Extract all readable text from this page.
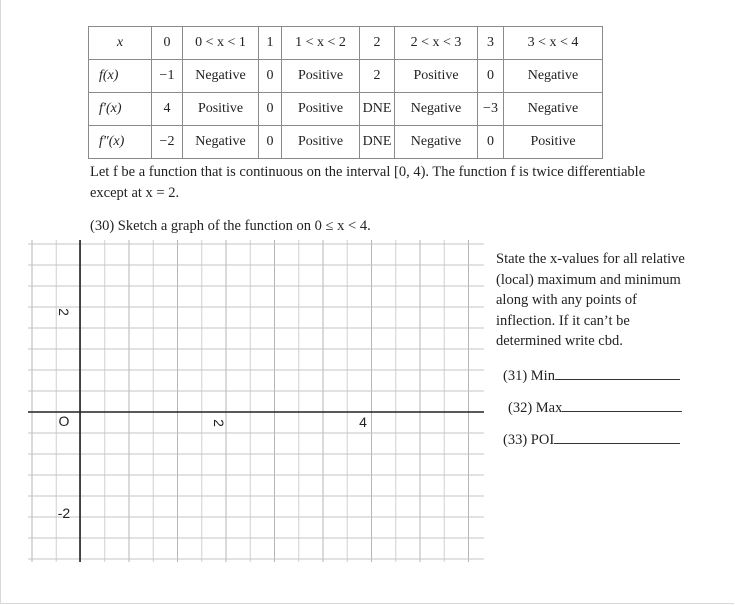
x	0	0 < x < 1	1	1 < x < 2	2	2 < x < 3	3	3 < x < 4
f(x)	−1	Negative	0	Positive	2	Positive	0	Negative
f′(x)	4	Positive	0	Positive	DNE	Negative	−3	Negative
f″(x)	−2	Negative	0	Positive	DNE	Negative	0	Positive
Let f be a function that is continuous on the interval [0, 4). The function f is twice differentiable except at x = 2.
(30) Sketch a graph of the function on 0 ≤ x < 4.
2	4
2
O
-2
State the x-values for all relative (local) maximum and minimum along with any points of inflection. If it can’t be determined write cbd.
(31) Min
(32) Max
(33) POI
